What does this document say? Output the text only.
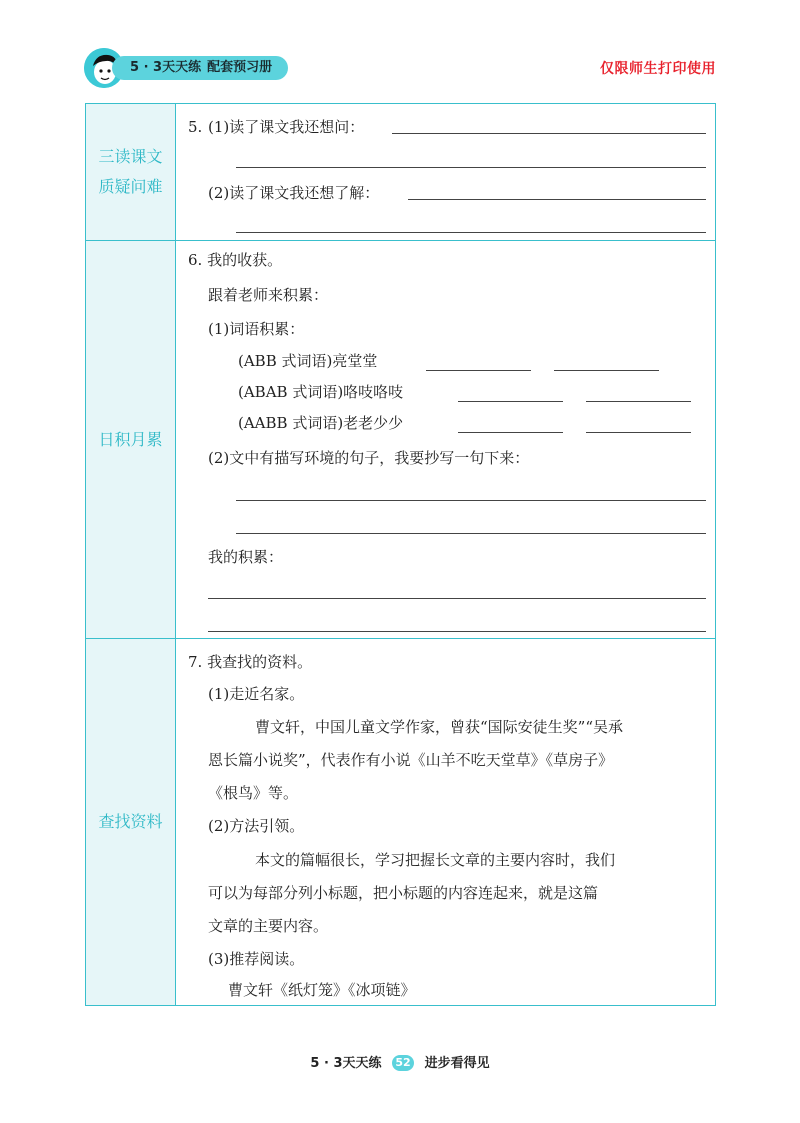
5 · 3天天练 配套预习册	仅限师生打印使用
三读课文
质疑问难
5. (1)读了课文我还想问：
(2)读了课文我还想了解：
日积月累
6. 我的收获。
跟着老师来积累：
(1)词语积累：
(ABB 式词语)亮堂堂
(ABAB 式词语)咯吱咯吱
(AABB 式词语)老老少少
(2)文中有描写环境的句子，我要抄写一句下来：
我的积累：
查找资料
7. 我查找的资料。
(1)走近名家。
曹文轩，中国儿童文学作家，曾获“国际安徒生奖”“吴承
恩长篇小说奖”，代表作有小说《山羊不吃天堂草》《草房子》
《根鸟》等。
(2)方法引领。
本文的篇幅很长，学习把握长文章的主要内容时，我们
可以为每部分列小标题，把小标题的内容连起来，就是这篇
文章的主要内容。
(3)推荐阅读。
曹文轩《纸灯笼》《冰项链》
5 · 3天天练 52 进步看得见
